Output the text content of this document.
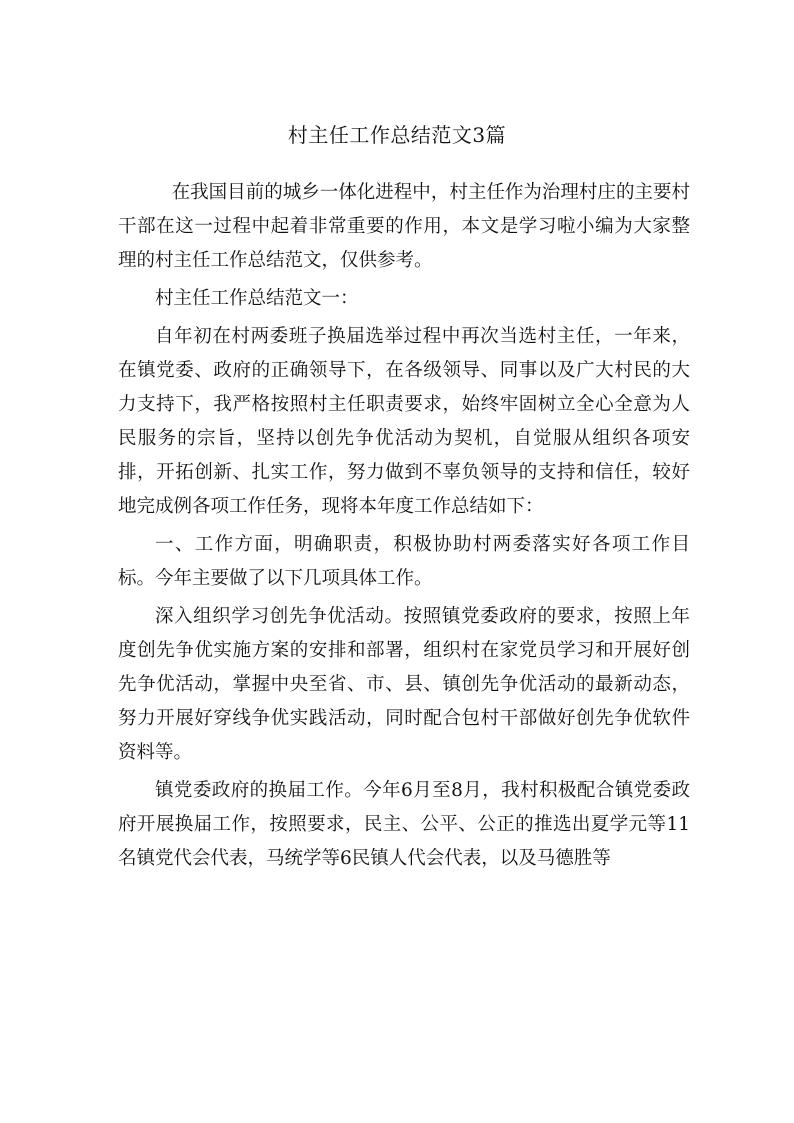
村主任工作总结范文3篇

在我国目前的城乡一体化进程中，村主任作为治理村庄的主要村干部在这一过程中起着非常重要的作用，本文是学习啦小编为大家整理的村主任工作总结范文，仅供参考。

村主任工作总结范文一：

自年初在村两委班子换届选举过程中再次当选村主任，一年来，在镇党委、政府的正确领导下，在各级领导、同事以及广大村民的大力支持下，我严格按照村主任职责要求，始终牢固树立全心全意为人民服务的宗旨，坚持以创先争优活动为契机，自觉服从组织各项安排，开拓创新、扎实工作，努力做到不辜负领导的支持和信任，较好地完成例各项工作任务，现将本年度工作总结如下：

一、工作方面，明确职责，积极协助村两委落实好各项工作目标。今年主要做了以下几项具体工作。

深入组织学习创先争优活动。按照镇党委政府的要求，按照上年度创先争优实施方案的安排和部署，组织村在家党员学习和开展好创先争优活动，掌握中央至省、市、县、镇创先争优活动的最新动态，努力开展好穿线争优实践活动，同时配合包村干部做好创先争优软件资料等。

镇党委政府的换届工作。今年6月至8月，我村积极配合镇党委政府开展换届工作，按照要求，民主、公平、公正的推选出夏学元等11名镇党代会代表，马统学等6民镇人代会代表，以及马德胜等
